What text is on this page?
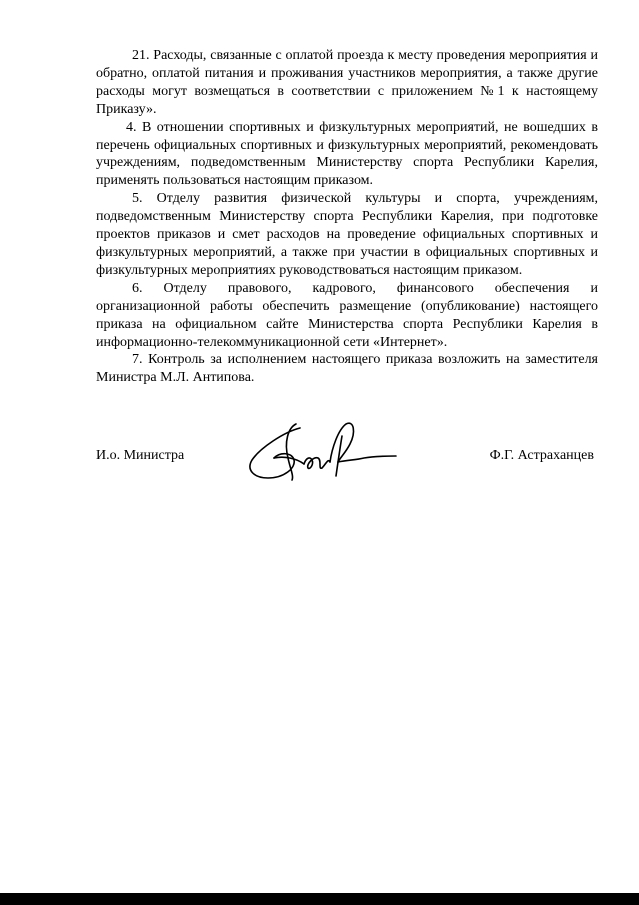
21. Расходы, связанные с оплатой проезда к месту проведения мероприятия и обратно, оплатой питания и проживания участников мероприятия, а также другие расходы могут возмещаться в соответствии с приложением №1 к настоящему Приказу».

4. В отношении спортивных и физкультурных мероприятий, не вошедших в перечень официальных спортивных и физкультурных мероприятий, рекомендовать учреждениям, подведомственным Министерству спорта Республики Карелия, применять пользоваться настоящим приказом.

5. Отделу развития физической культуры и спорта, учреждениям, подведомственным Министерству спорта Республики Карелия, при подготовке проектов приказов и смет расходов на проведение официальных спортивных и физкультурных мероприятий, а также при участии в официальных спортивных и физкультурных мероприятиях руководствоваться настоящим приказом.

6. Отделу правового, кадрового, финансового обеспечения и организационной работы обеспечить размещение (опубликование) настоящего приказа на официальном сайте Министерства спорта Республики Карелия в информационно-телекоммуникационной сети «Интернет».

7. Контроль за исполнением настоящего приказа возложить на заместителя Министра М.Л. Антипова.

И.о. Министра	Ф.Г. Астраханцев
